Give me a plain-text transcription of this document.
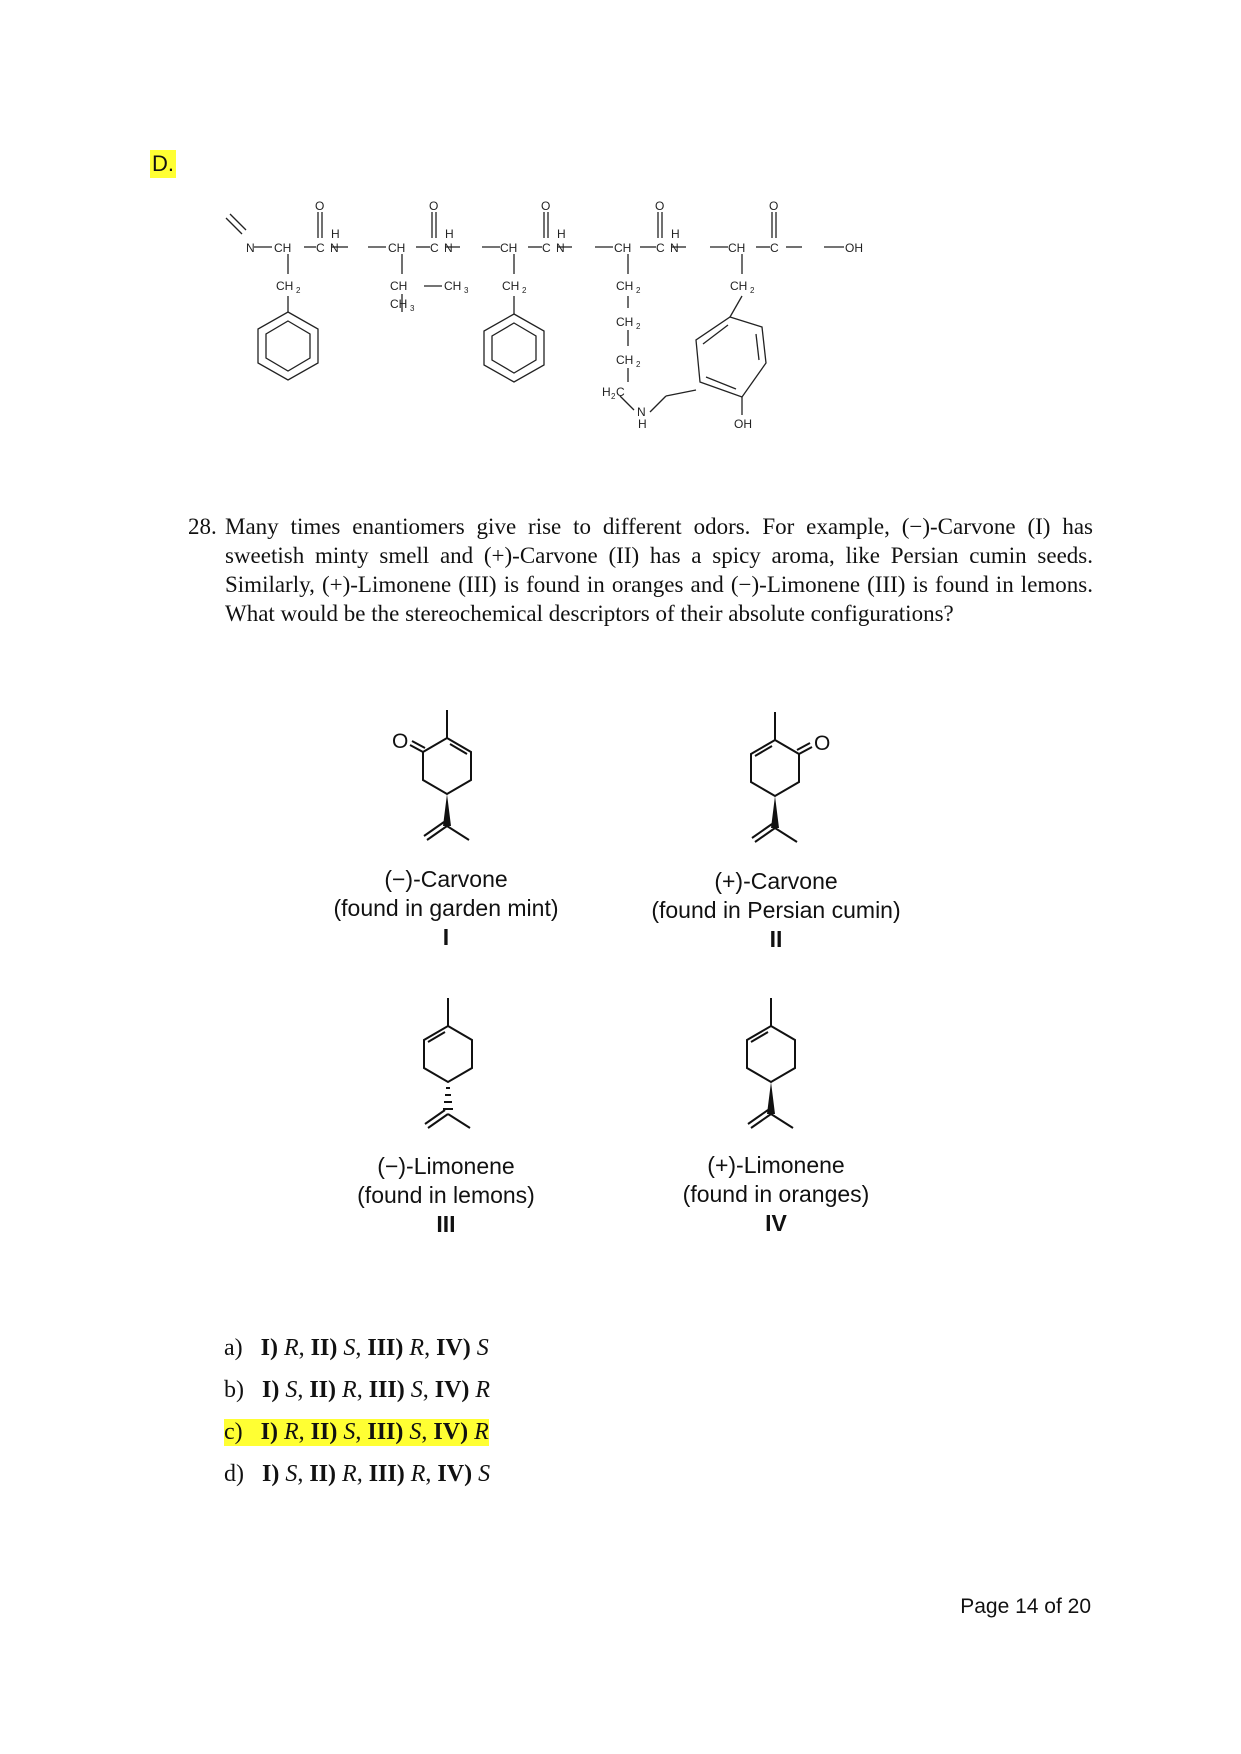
D.
N CH C
O
H
N	CH C
O
H
N	CH C
O
H
N	CH C
O
H
N	CH C
O
OH
CH 2	CH	CH 3
CH 3
CH 2	CH 2
CH 2
CH 2
H 2 C
N
H
CH 2
OH
28. Many times enantiomers give rise to different odors. For example, (−)-Carvone (I) has sweetish minty smell and (+)-Carvone (II) has a spicy aroma, like Persian cumin seeds. Similarly, (+)-Limonene (III) is found in oranges and (−)-Limonene (III) is found in lemons. What would be the stereochemical descriptors of their absolute configurations?
O
(−)-Carvone
(found in garden mint)
I
O
(+)-Carvone
(found in Persian cumin)
II
(−)-Limonene
(found in lemons)
III
(+)-Limonene
(found in oranges)
IV
a) I) R, II) S, III) R, IV) S
b) I) S, II) R, III) S, IV) R
c) I) R, II) S, III) S, IV) R
d) I) S, II) R, III) R, IV) S
Page 14 of 20
